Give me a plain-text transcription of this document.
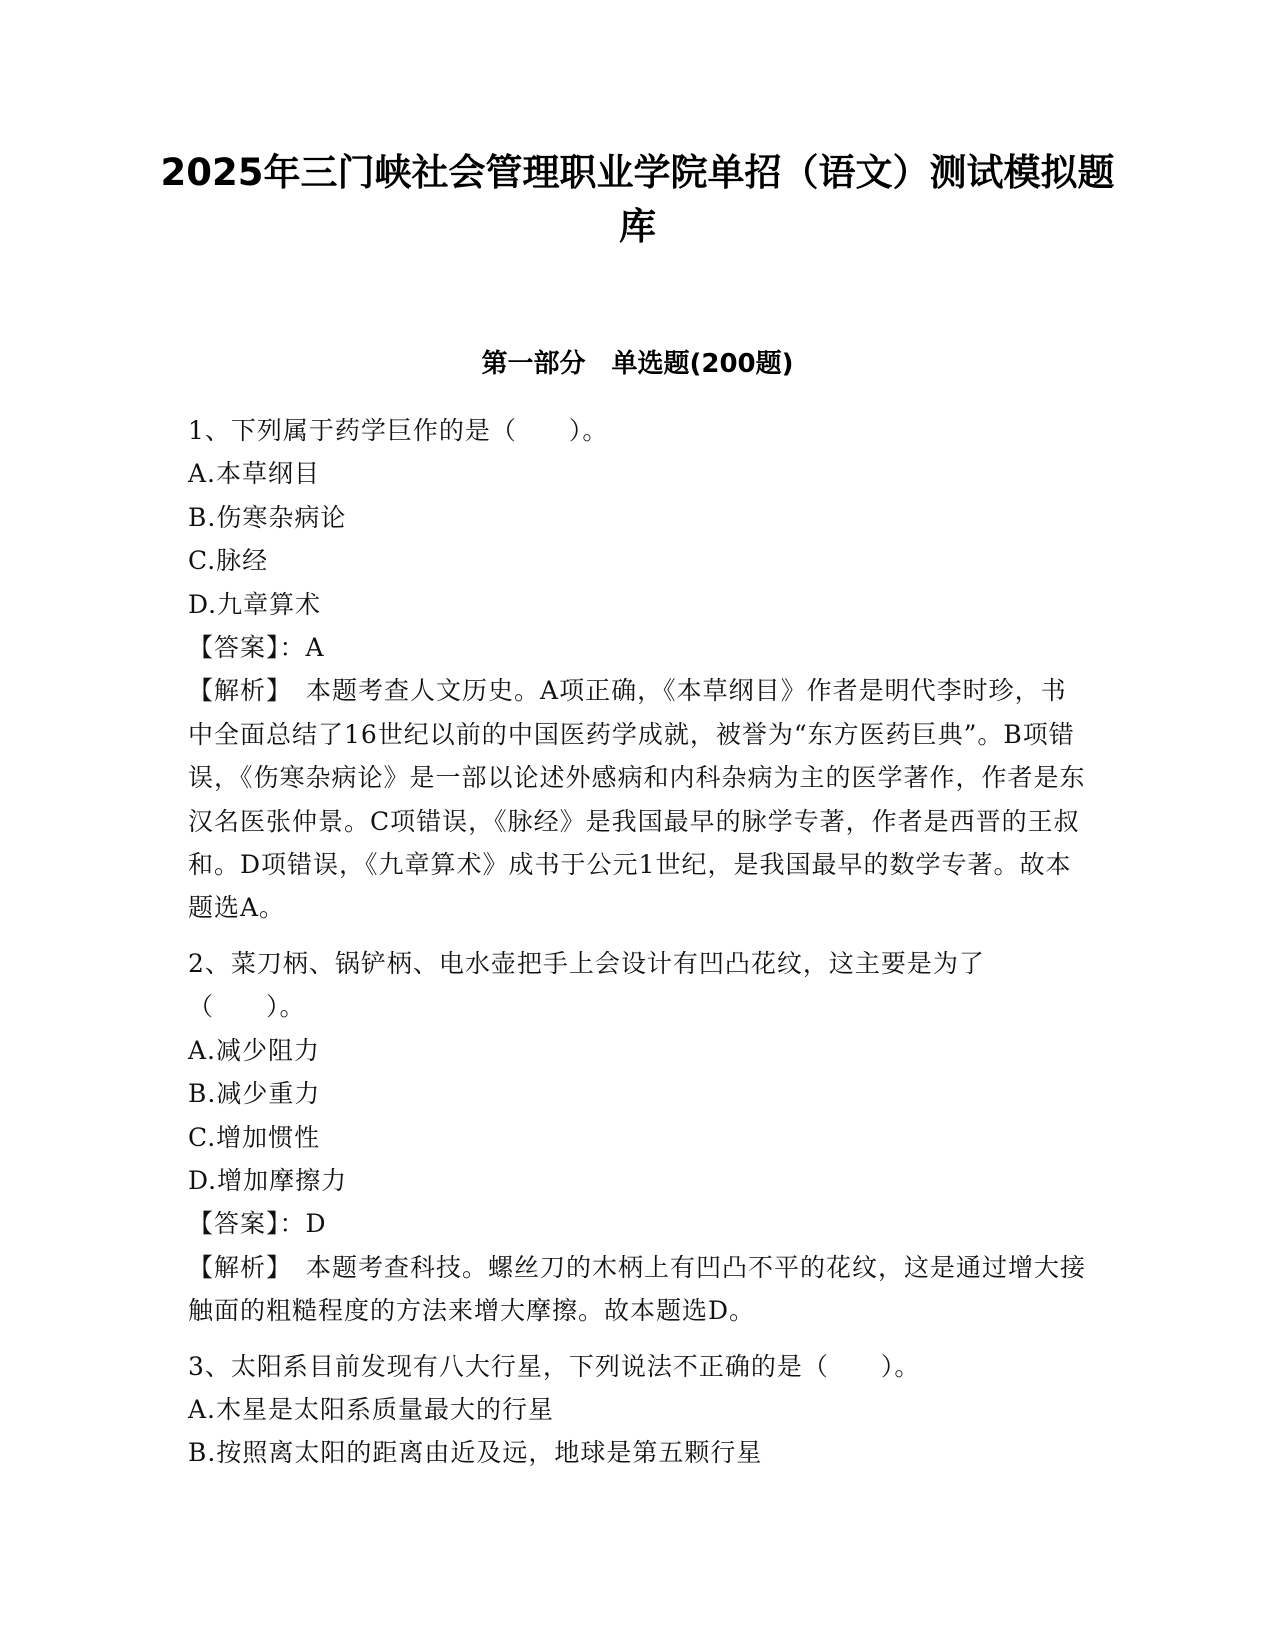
2025年三门峡社会管理职业学院单招（语文）测试模拟题库
第一部分　单选题(200题)

1、下列属于药学巨作的是（　　）。

A.本草纲目

B.伤寒杂病论

C.脉经

D.九章算术

【答案】：A

【解析】 本题考查人文历史。A项正确，《本草纲目》作者是明代李时珍，书中全面总结了16世纪以前的中国医药学成就，被誉为“东方医药巨典”。B项错误，《伤寒杂病论》是一部以论述外感病和内科杂病为主的医学著作，作者是东汉名医张仲景。C项错误，《脉经》是我国最早的脉学专著，作者是西晋的王叔和。D项错误，《九章算术》成书于公元1世纪，是我国最早的数学专著。故本题选A。

2、菜刀柄、锅铲柄、电水壶把手上会设计有凹凸花纹，这主要是为了（　　）。

A.减少阻力

B.减少重力

C.增加惯性

D.增加摩擦力

【答案】：D

【解析】 本题考查科技。螺丝刀的木柄上有凹凸不平的花纹，这是通过增大接触面的粗糙程度的方法来增大摩擦。故本题选D。

3、太阳系目前发现有八大行星，下列说法不正确的是（　　）。

A.木星是太阳系质量最大的行星

B.按照离太阳的距离由近及远，地球是第五颗行星
